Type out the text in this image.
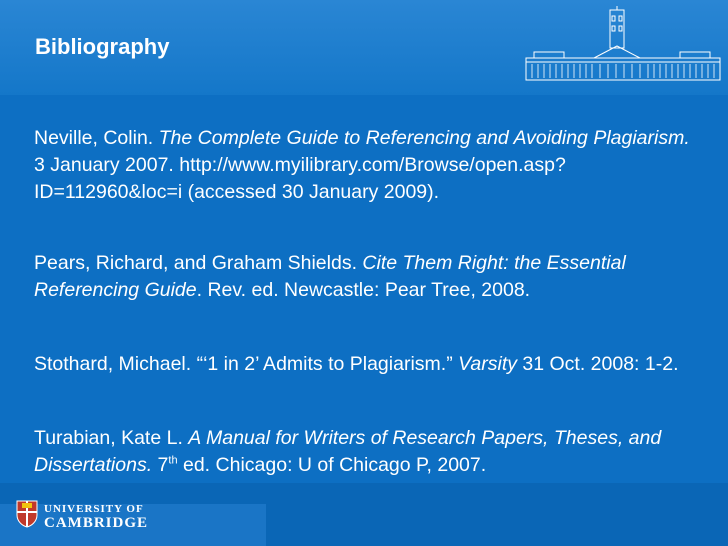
Bibliography
Neville, Colin. The Complete Guide to Referencing and Avoiding Plagiarism. 3 January 2007. http://www.myilibrary.com/Browse/open.asp?ID=112960&loc=i (accessed 30 January 2009).
Pears, Richard, and Graham Shields. Cite Them Right: the Essential Referencing Guide. Rev. ed. Newcastle: Pear Tree, 2008.
Stothard, Michael. “‘1 in 2’ Admits to Plagiarism.” Varsity 31 Oct. 2008: 1-2.
Turabian, Kate L. A Manual for Writers of Research Papers, Theses, and Dissertations. 7th ed. Chicago: U of Chicago P, 2007.
UNIVERSITY OF
CAMBRIDGE
